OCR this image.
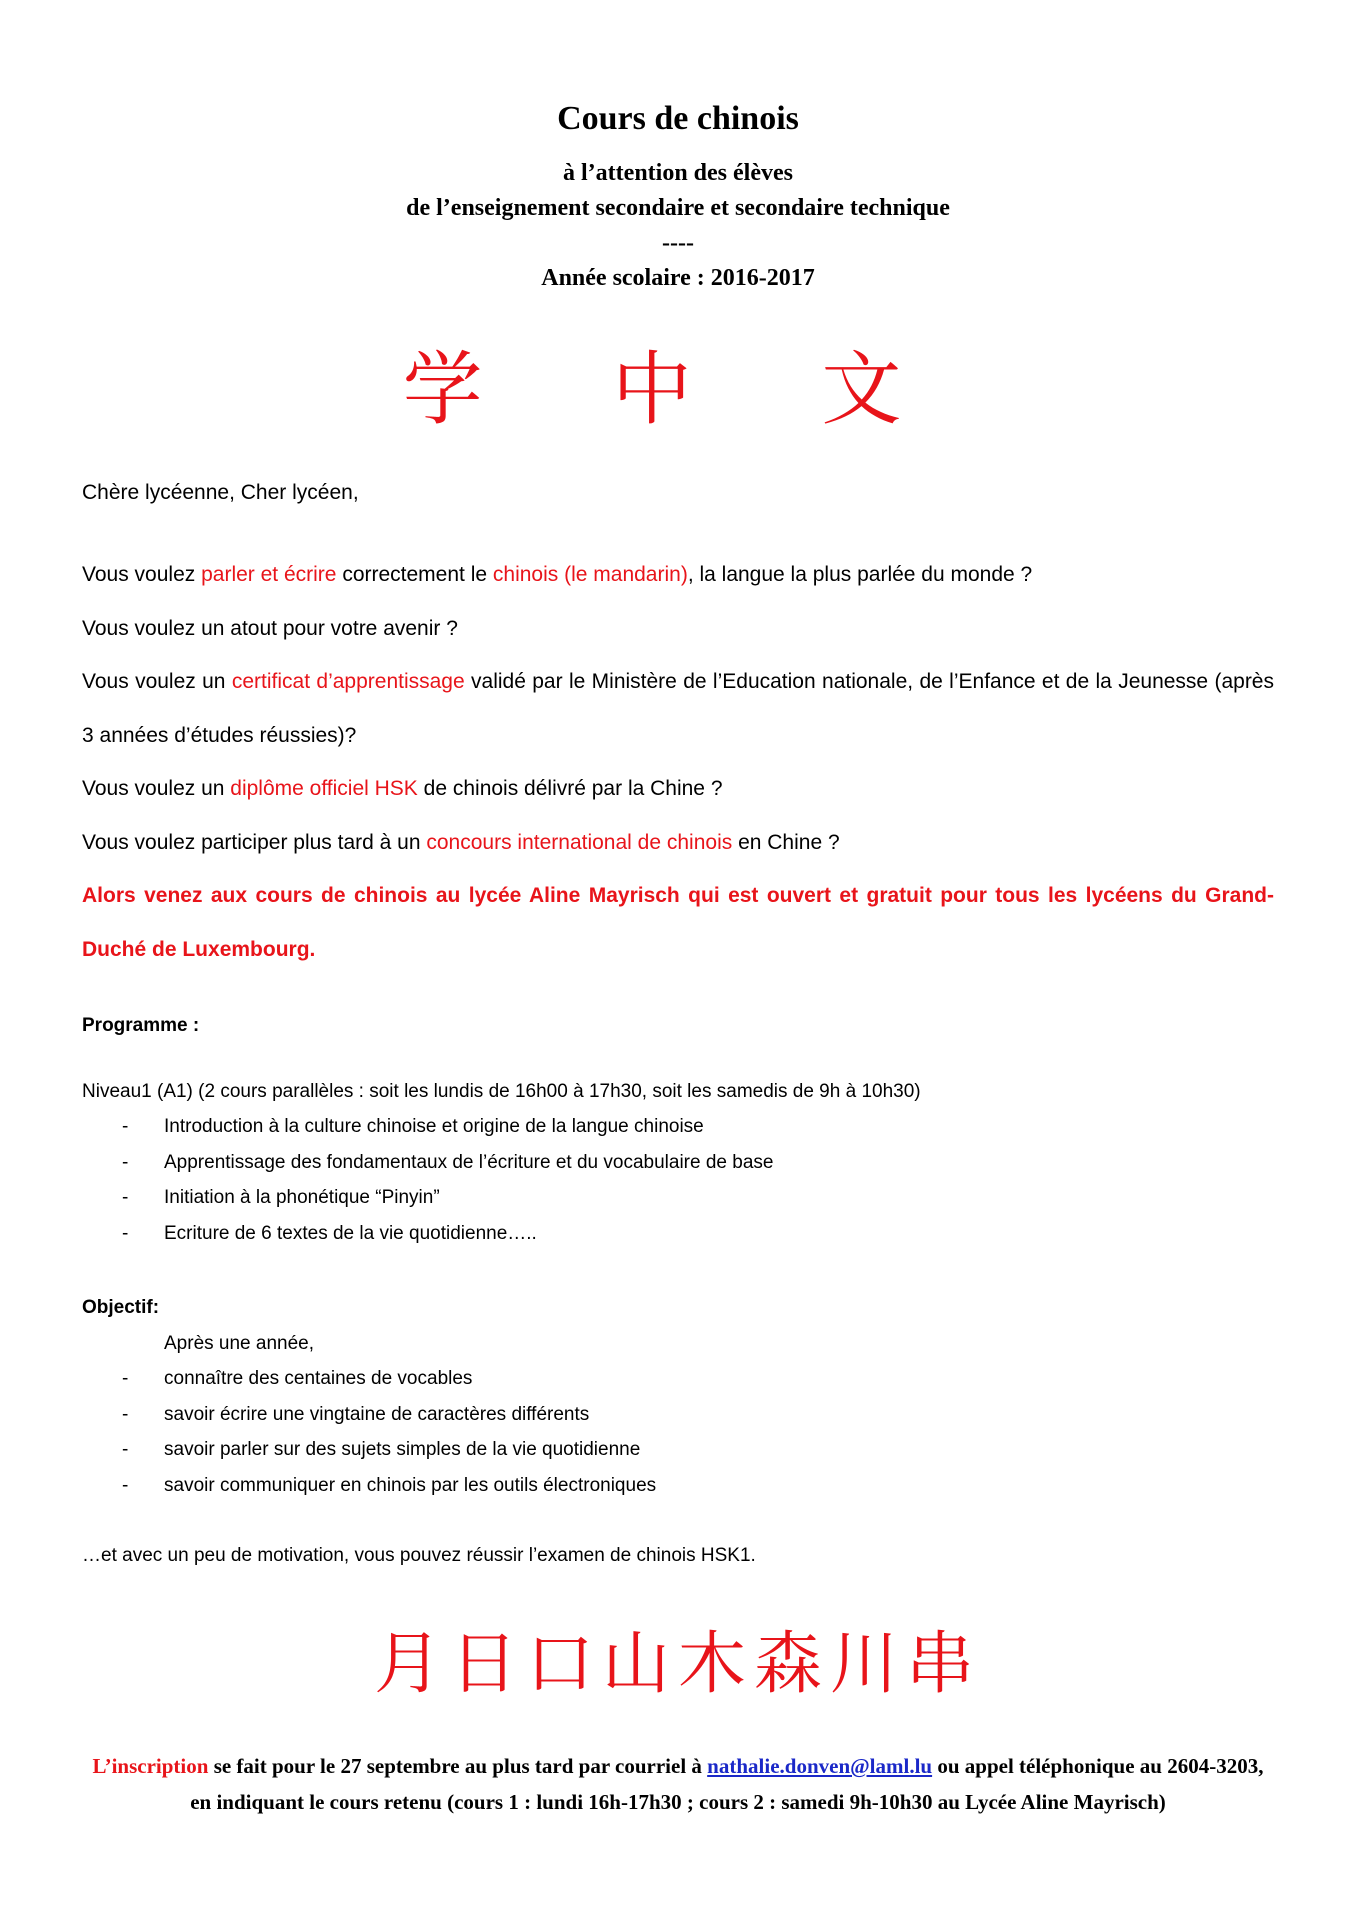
Cours de chinois

à l’attention des élèves

de l’enseignement secondaire et secondaire technique

----

Année scolaire : 2016-2017

学 中 文
Chère lycéenne, Cher lycéen,

Vous voulez parler et écrire correctement le chinois (le mandarin), la langue la plus parlée du monde ?

Vous voulez un atout pour votre avenir ?

Vous voulez un certificat d’apprentissage validé par le Ministère de l’Education nationale, de l’Enfance et de la Jeunesse (après 3 années d’études réussies)?

Vous voulez un diplôme officiel HSK de chinois délivré par la Chine ?

Vous voulez participer plus tard à un concours international de chinois en Chine ?

Alors venez aux cours de chinois au lycée Aline Mayrisch qui est ouvert et gratuit pour tous les lycéens du Grand-Duché de Luxembourg.

Programme :

Niveau1 (A1) (2 cours parallèles : soit les lundis de 16h00 à 17h30, soit les samedis de 9h à 10h30)

- Introduction à la culture chinoise et origine de la langue chinoise
- Apprentissage des fondamentaux de l’écriture et du vocabulaire de base
- Initiation à la phonétique “Pinyin”
- Ecriture de 6 textes de la vie quotidienne…..

Objectif:

Après une année,

- connaître des centaines de vocables
- savoir écrire une vingtaine de caractères différents
- savoir parler sur des sujets simples de la vie quotidienne
- savoir communiquer en chinois par les outils électroniques

…et avec un peu de motivation, vous pouvez réussir l’examen de chinois HSK1.

月日口山木森川串
L’inscription se fait pour le 27 septembre au plus tard par courriel à nathalie.donven@laml.lu ou appel téléphonique au 2604-3203, en indiquant le cours retenu (cours 1 : lundi 16h-17h30 ; cours 2 : samedi 9h-10h30 au Lycée Aline Mayrisch)
